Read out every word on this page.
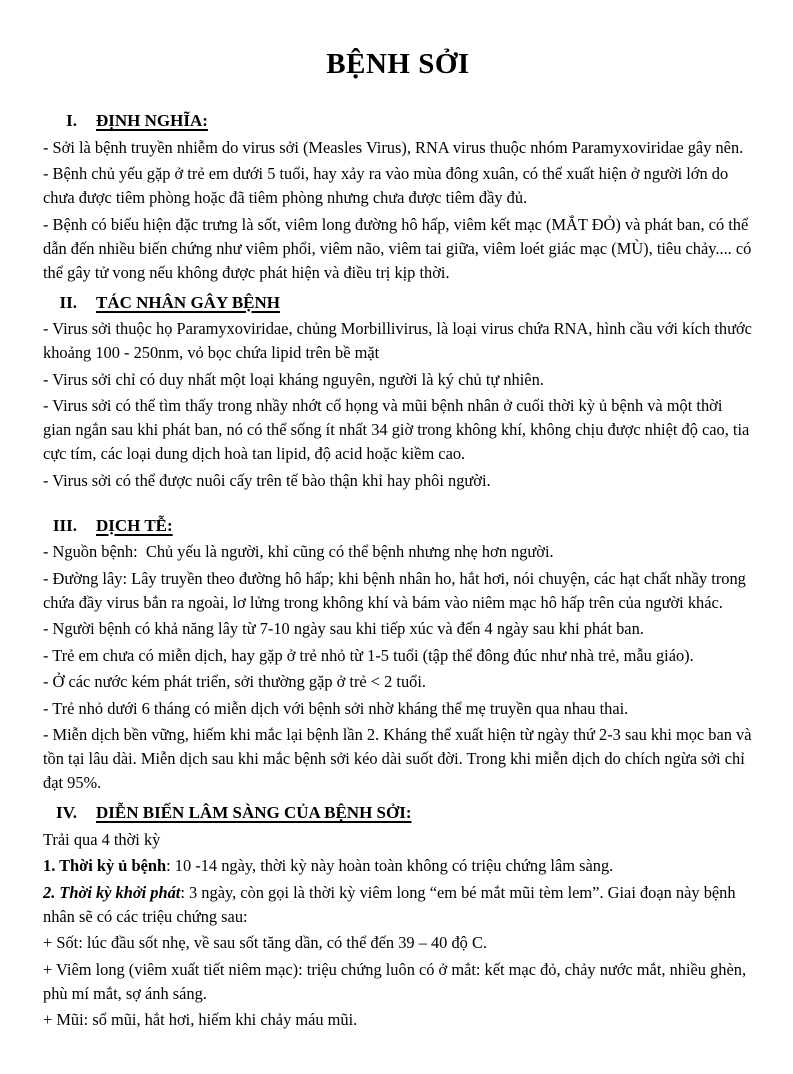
BỆNH SỞI
I. ĐỊNH NGHĨA:

- Sởi là bệnh truyền nhiễm do virus sởi (Measles Virus), RNA virus thuộc nhóm Paramyxoviridae gây nên.

- Bệnh chủ yếu gặp ở trẻ em dưới 5 tuổi, hay xảy ra vào mùa đông xuân, có thể xuất hiện ở người lớn do chưa được tiêm phòng hoặc đã tiêm phòng nhưng chưa được tiêm đầy đủ.

- Bệnh có biểu hiện đặc trưng là sốt, viêm long đường hô hấp, viêm kết mạc (MẮT ĐỎ) và phát ban, có thể dẫn đến nhiều biến chứng như viêm phổi, viêm não, viêm tai giữa, viêm loét giác mạc (MÙ), tiêu chảy.... có thể gây tử vong nếu không được phát hiện và điều trị kịp thời.

II. TÁC NHÂN GÂY BỆNH

- Virus sởi thuộc họ Paramyxoviridae, chủng Morbillivirus, là loại virus chứa RNA, hình cầu với kích thước khoảng 100 - 250nm, vỏ bọc chứa lipid trên bề mặt

- Virus sởi chỉ có duy nhất một loại kháng nguyên, người là ký chủ tự nhiên.

- Virus sởi có thể tìm thấy trong nhầy nhớt cổ họng và mũi bệnh nhân ở cuối thời kỳ ủ bệnh và một thời gian ngắn sau khi phát ban, nó có thể sống ít nhất 34 giờ trong không khí, không chịu được nhiệt độ cao, tia cực tím, các loại dung dịch hoà tan lipid, độ acid hoặc kiềm cao.

- Virus sởi có thể được nuôi cấy trên tế bào thận khỉ hay phôi người.

III. DỊCH TỄ:

- Nguồn bệnh:  Chủ yếu là người, khỉ cũng có thể bệnh nhưng nhẹ hơn người.

- Đường lây: Lây truyền theo đường hô hấp; khi bệnh nhân ho, hắt hơi, nói chuyện, các hạt chất nhầy trong chứa đầy virus bắn ra ngoài, lơ lửng trong không khí và bám vào niêm mạc hô hấp trên của người khác.

- Người bệnh có khả năng lây từ 7-10 ngày sau khi tiếp xúc và đến 4 ngày sau khi phát ban.

- Trẻ em chưa có miễn dịch, hay gặp ở trẻ nhỏ từ 1-5 tuổi (tập thể đông đúc như nhà trẻ, mẫu giáo).

- Ở các nước kém phát triển, sởi thường gặp ở trẻ < 2 tuổi.

- Trẻ nhỏ dưới 6 tháng có miễn dịch với bệnh sởi nhờ kháng thể mẹ truyền qua nhau thai.

- Miễn dịch bền vững, hiếm khi mắc lại bệnh lần 2. Kháng thể xuất hiện từ ngày thứ 2-3 sau khi mọc ban và tồn tại lâu dài. Miễn dịch sau khi mắc bệnh sởi kéo dài suốt đời. Trong khi miễn dịch do chích ngừa sởi chỉ đạt 95%.

IV. DIỄN BIẾN LÂM SÀNG CỦA BỆNH SỞI:

Trải qua 4 thời kỳ

1. Thời kỳ ủ bệnh: 10 -14 ngày, thời kỳ này hoàn toàn không có triệu chứng lâm sàng.

2. Thời kỳ khởi phát: 3 ngày, còn gọi là thời kỳ viêm long “em bé mắt mũi tèm lem”. Giai đoạn này bệnh nhân sẽ có các triệu chứng sau:

+ Sốt: lúc đầu sốt nhẹ, về sau sốt tăng dần, có thể đến 39 – 40 độ C.

+ Viêm long (viêm xuất tiết niêm mạc): triệu chứng luôn có ở mắt: kết mạc đỏ, chảy nước mắt, nhiều ghèn, phù mí mắt, sợ ánh sáng.

+ Mũi: sổ mũi, hắt hơi, hiếm khi chảy máu mũi.
